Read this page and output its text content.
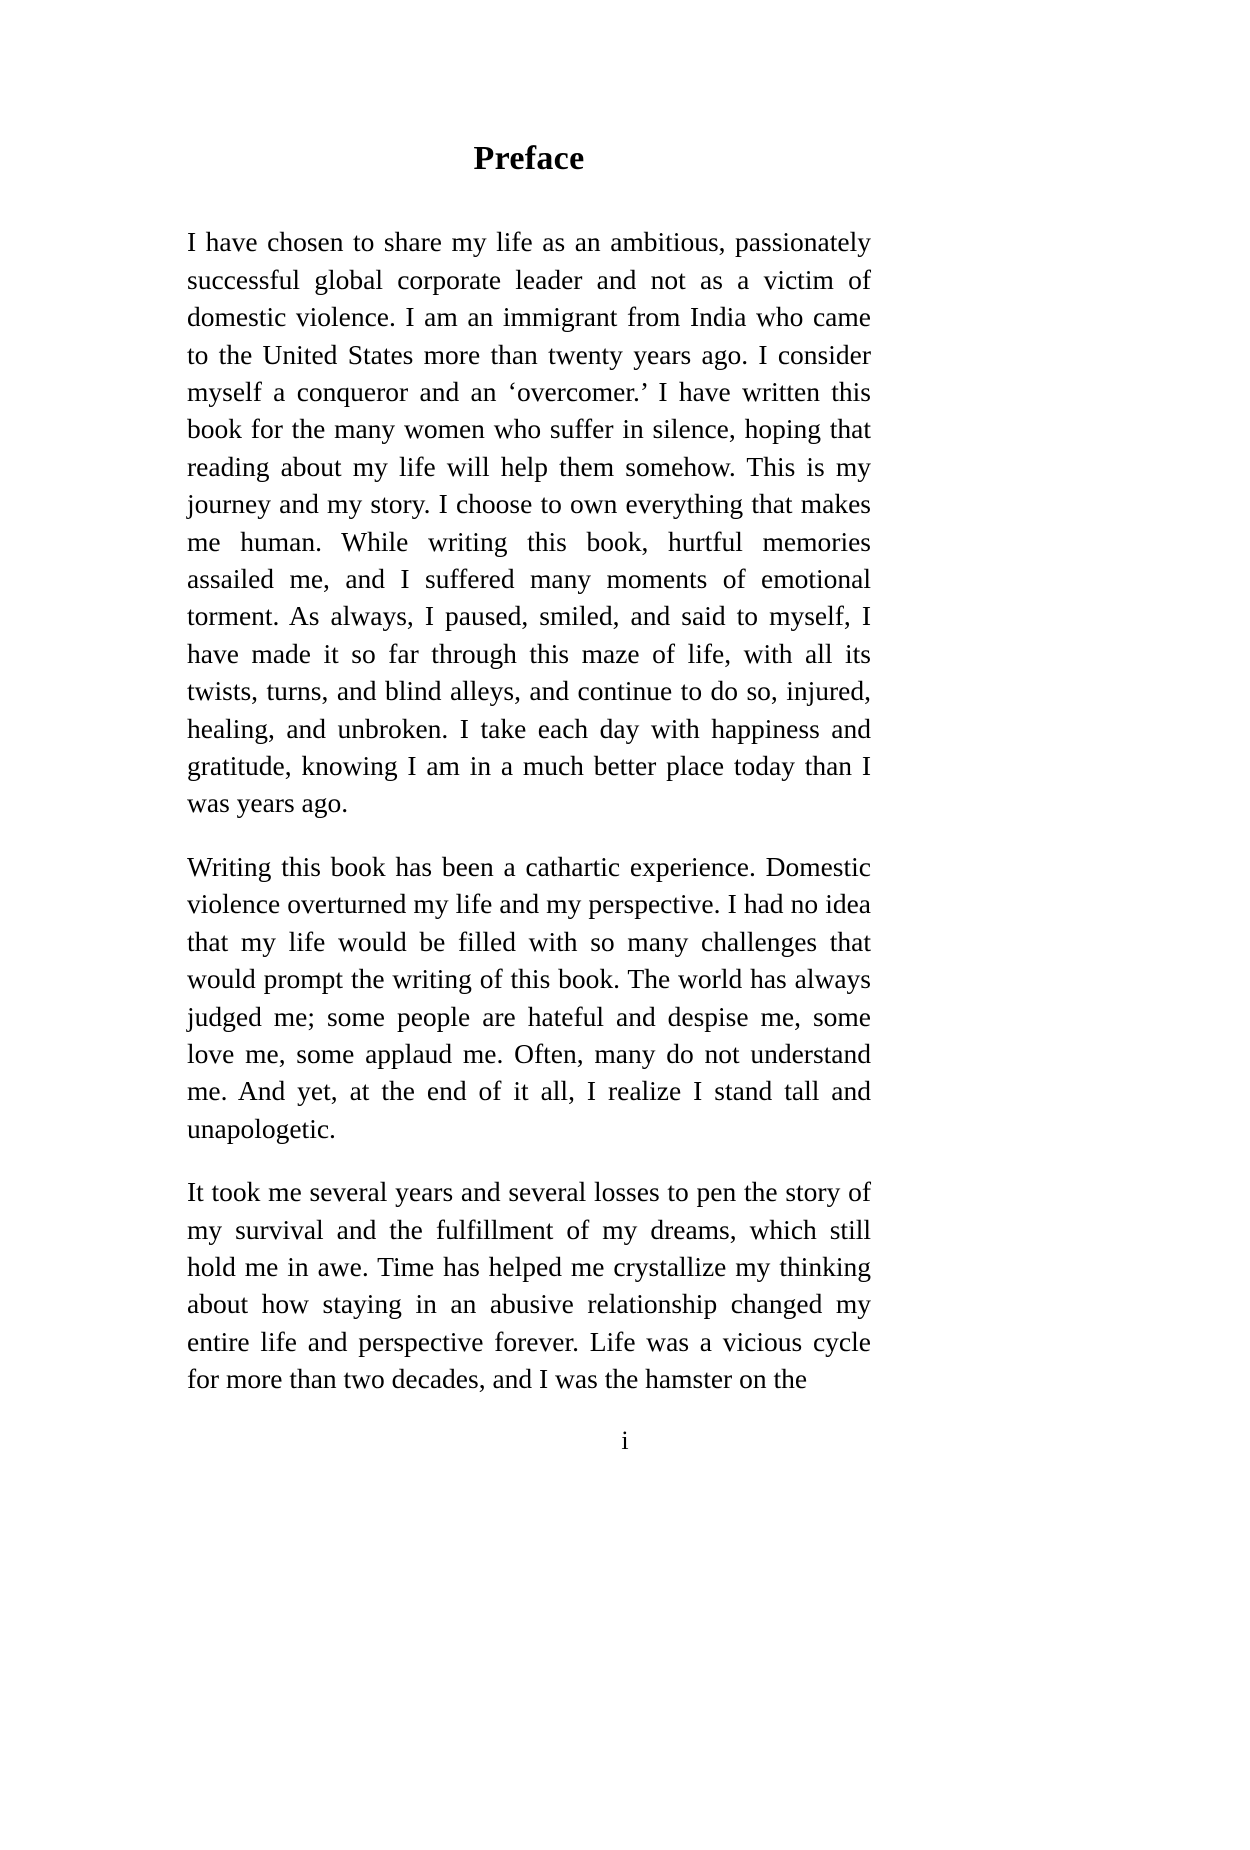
Preface

I have chosen to share my life as an ambitious, passionately successful global corporate leader and not as a victim of domestic violence. I am an immigrant from India who came to the United States more than twenty years ago. I consider myself a conqueror and an ‘overcomer.’ I have written this book for the many women who suffer in silence, hoping that reading about my life will help them somehow. This is my journey and my story. I choose to own everything that makes me human. While writing this book, hurtful memories assailed me, and I suffered many moments of emotional torment. As always, I paused, smiled, and said to myself, I have made it so far through this maze of life, with all its twists, turns, and blind alleys, and continue to do so, injured, healing, and unbroken. I take each day with happiness and gratitude, knowing I am in a much better place today than I was years ago.

Writing this book has been a cathartic experience. Domestic violence overturned my life and my perspective. I had no idea that my life would be filled with so many challenges that would prompt the writing of this book. The world has always judged me; some people are hateful and despise me, some love me, some applaud me. Often, many do not understand me. And yet, at the end of it all, I realize I stand tall and unapologetic.

It took me several years and several losses to pen the story of my survival and the fulfillment of my dreams, which still hold me in awe. Time has helped me crystallize my thinking about how staying in an abusive relationship changed my entire life and perspective forever. Life was a vicious cycle for more than two decades, and I was the hamster on the

i
